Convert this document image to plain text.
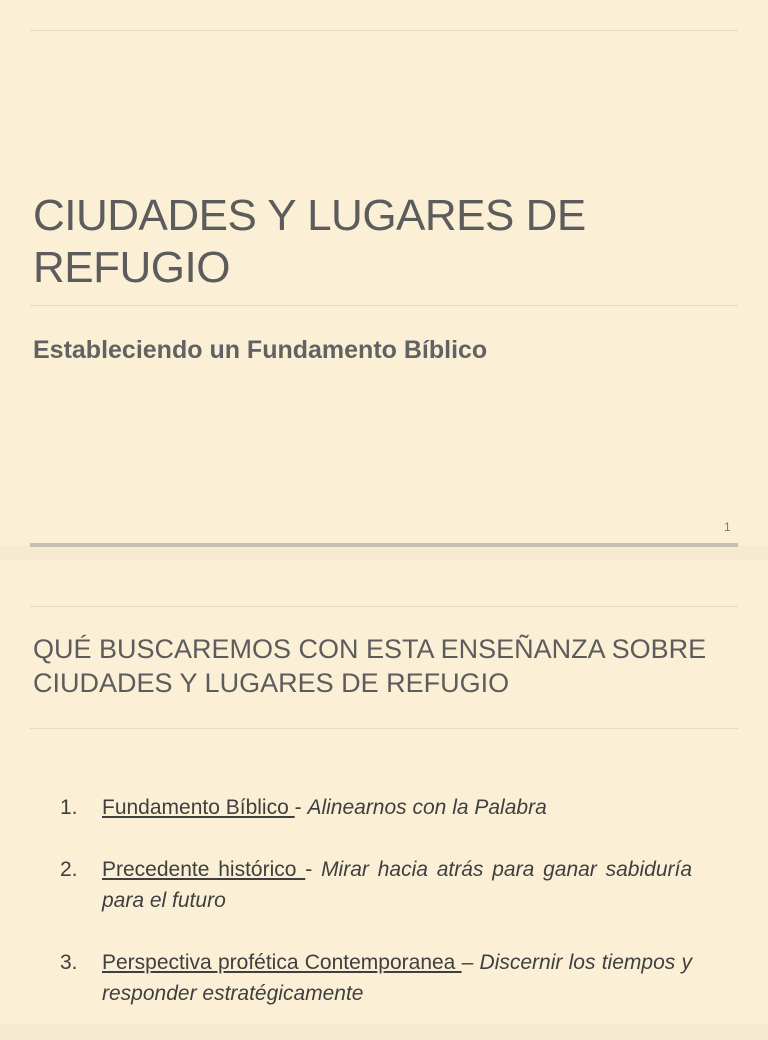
CIUDADES Y LUGARES DE REFUGIO
Estableciendo un Fundamento Bíblico
1
QUÉ BUSCAREMOS CON ESTA ENSEÑANZA SOBRE CIUDADES Y LUGARES DE REFUGIO
1.	Fundamento Bíblico - Alinearnos con la Palabra
2.	Precedente histórico - Mirar hacia atrás para ganar sabiduría para el futuro
3.	Perspectiva profética Contemporanea – Discernir los tiempos y responder estratégicamente
